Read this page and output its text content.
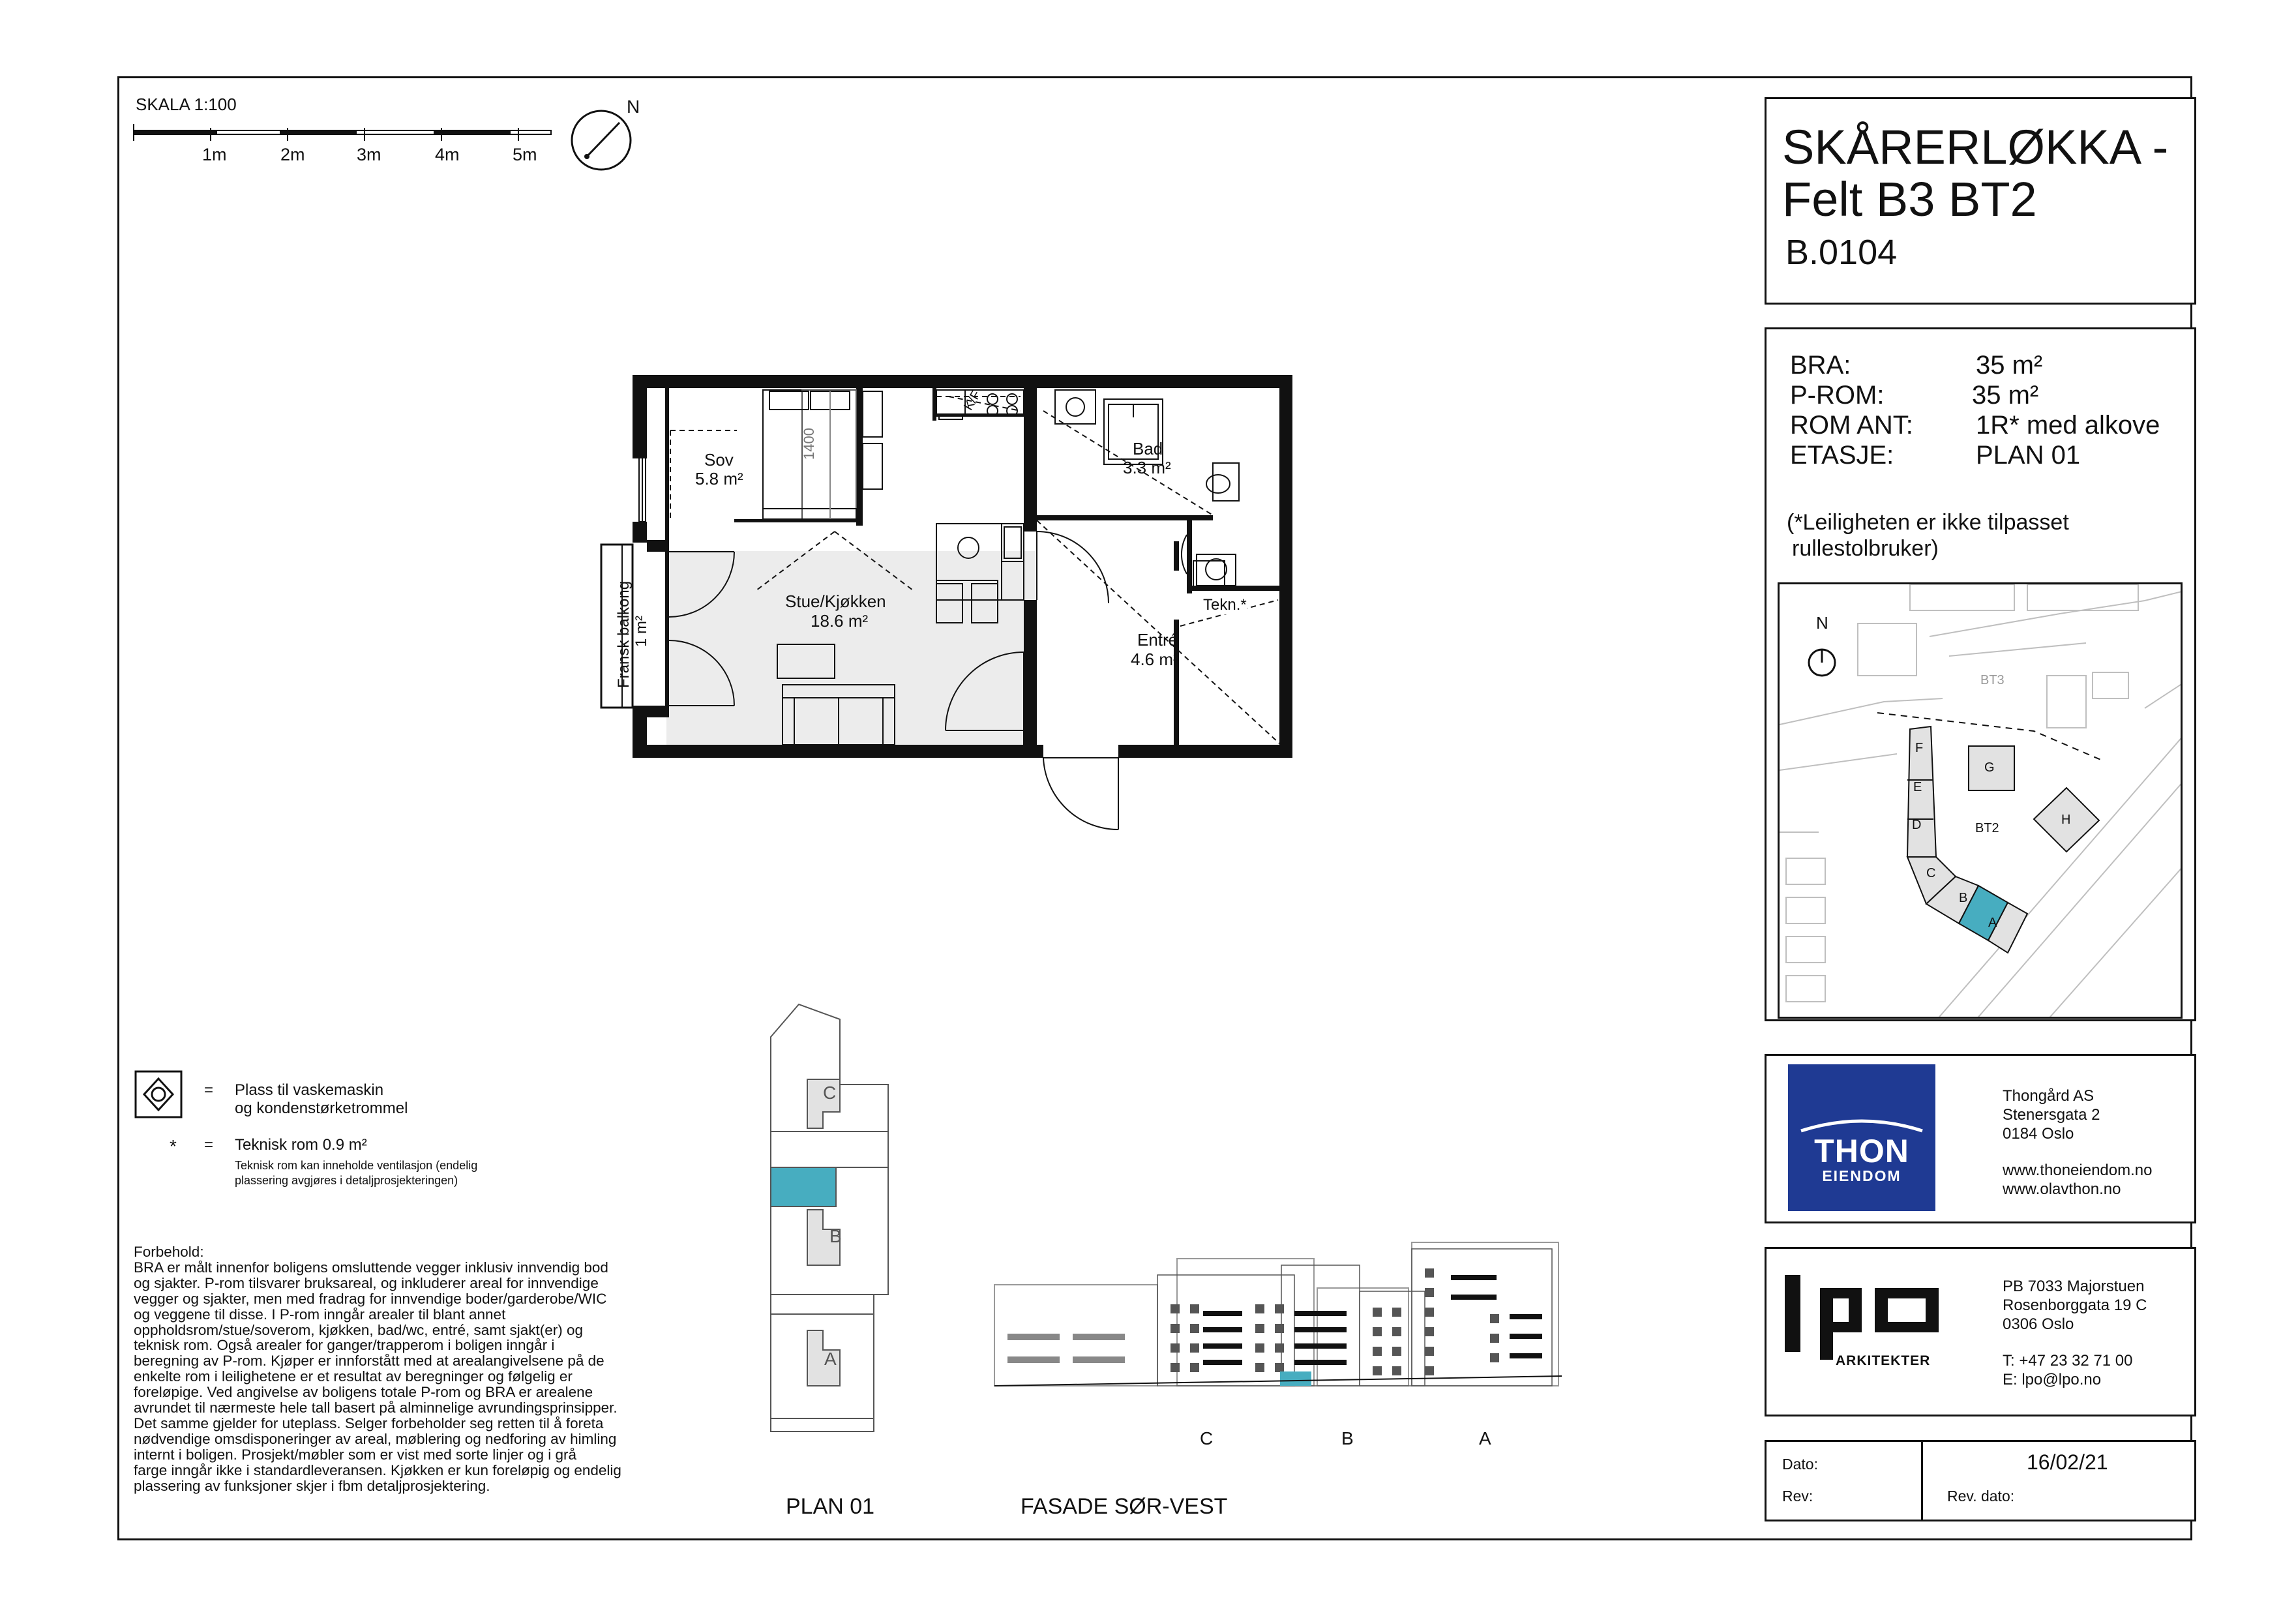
SKALA 1:100
1m	2m	3m	4m	5m
N
SKÅRERLØKKA -
Felt B3 BT2
B.0104
BRA:	35 m²
P-ROM:	35 m²
ROM ANT: 1R* med alkove
ETASJE:	PLAN 01
(*Leiligheten er ikke tilpasset
rullestolbruker)
N
BT3
BT2
F
E
D
C
B
A
G
H
THON
EIENDOM
Thongård AS
Stenersgata 2
0184 Oslo
www.thoneiendom.no
www.olavthon.no
ARKITEKTER
PB 7033 Majorstuen
Rosenborggata 19 C
0306 Oslo
T: +47 23 32 71 00
E: lpo@lpo.no
Dato:	16/02/21
Rev:	Rev. dato:
Sov
5.8 m²
Stue/Kjøkken
18.6 m²
Bad
3.3 m²
Entré
4.6 m²
Tekn.*
K/F
1400
Fransk balkong 1 m²
= Plass til vaskemaskin
og kondenstørketrommel
* = Teknisk rom 0.9 m²
Teknisk rom kan inneholde ventilasjon (endelig
plassering avgjøres i detaljprosjekteringen)
Forbehold:
BRA er målt innenfor boligens omsluttende vegger inklusiv innvendig bod
og sjakter. P-rom tilsvarer bruksareal, og inkluderer areal for innvendige
vegger og sjakter, men med fradrag for innvendige boder/garderobe/WIC
og veggene til disse. I P-rom inngår arealer til blant annet
oppholdsrom/stue/soverom, kjøkken, bad/wc, entré, samt sjakt(er) og
teknisk rom. Også arealer for ganger/trapperom i boligen inngår i
beregning av P-rom. Kjøper er innforstått med at arealangivelsene på de
enkelte rom i leilighetene er et resultat av beregninger og følgelig er
foreløpige. Ved angivelse av boligens totale P-rom og BRA er arealene
avrundet til nærmeste hele tall basert på alminnelige avrundingsprinsipper.
Det samme gjelder for uteplass. Selger forbeholder seg retten til å foreta
nødvendige omsdisponeringer av areal, møblering og nedforing av himling
internt i boligen. Prosjekt/møbler som er vist med sorte linjer og i grå
farge inngår ikke i standardleveransen. Kjøkken er kun foreløpig og endelig
plassering av funksjoner skjer i fbm detaljprosjektering.
C
B
A
PLAN 01
C	B	A
FASADE SØR-VEST
